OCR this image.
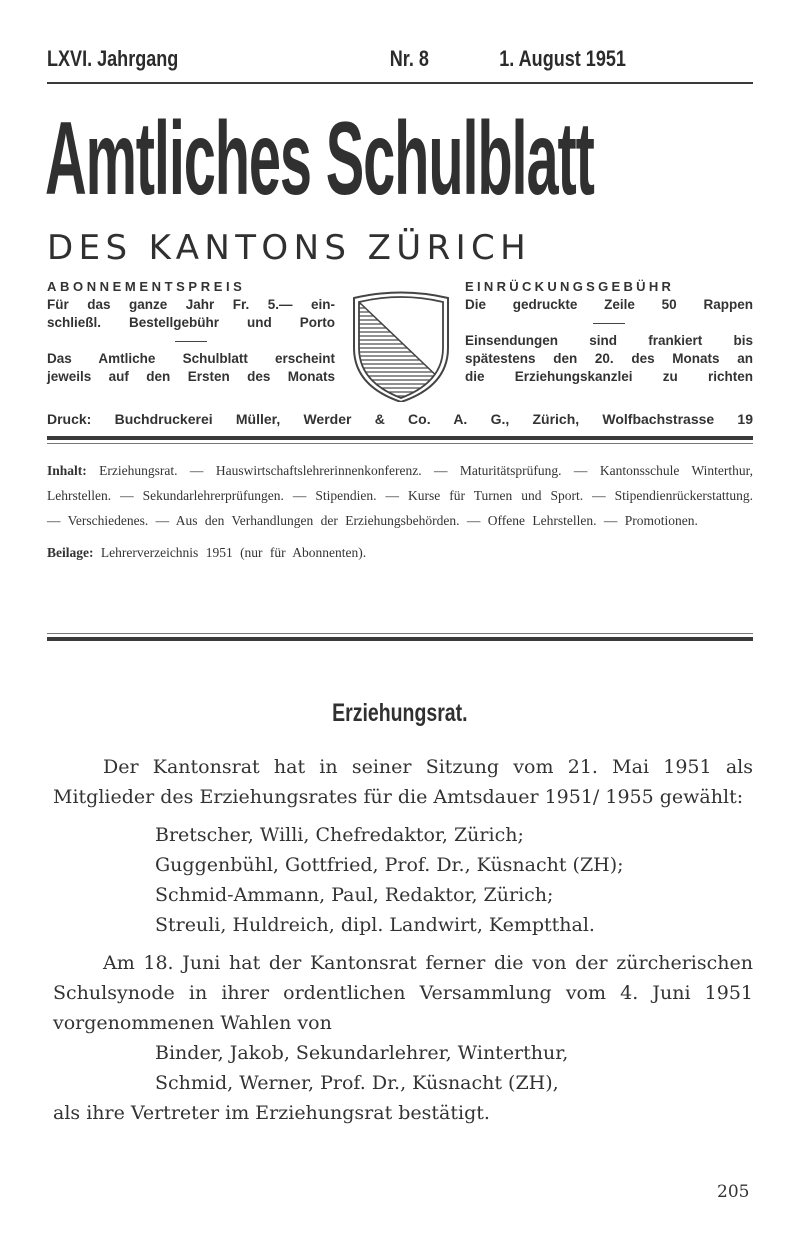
LXVI. Jahrgang	Nr. 8	1. August 1951
Amtliches Schulblatt
DES KANTONS ZÜRICH
ABONNEMENTSPREIS
Für das ganze Jahr Fr. 5.— ein-
schließl. Bestellgebühr und Porto
Das Amtliche Schulblatt erscheint
jeweils auf den Ersten des Monats
EINRÜCKUNGSGEBÜHR
Die gedruckte Zeile 50 Rappen
Einsendungen sind frankiert bis
spätestens den 20. des Monats an
die Erziehungskanzlei zu richten
Druck: Buchdruckerei Müller, Werder & Co. A. G., Zürich, Wolfbachstrasse 19

Inhalt: Erziehungsrat. — Hauswirtschaftslehrerinnenkonferenz. — Maturitätsprüfung. — Kantonsschule Winterthur, Lehrstellen. — Sekundarlehrerprüfungen. — Stipendien. — Kurse für Turnen und Sport. — Stipendienrückerstattung. — Verschiedenes. — Aus den Verhandlungen der Erziehungsbehörden. — Offene Lehrstellen. — Promotionen.

Beilage: Lehrerverzeichnis 1951 (nur für Abonnenten).

Erziehungsrat.

Der Kantonsrat hat in seiner Sitzung vom 21. Mai 1951 als Mitglieder des Erziehungsrates für die Amtsdauer 1951/ 1955 gewählt:

Bretscher, Willi, Chefredaktor, Zürich;
Guggenbühl, Gottfried, Prof. Dr., Küsnacht (ZH);
Schmid-Ammann, Paul, Redaktor, Zürich;
Streuli, Huldreich, dipl. Landwirt, Kemptthal.

Am 18. Juni hat der Kantonsrat ferner die von der zürcherischen Schulsynode in ihrer ordentlichen Versammlung vom 4. Juni 1951 vorgenommenen Wahlen von

Binder, Jakob, Sekundarlehrer, Winterthur,
Schmid, Werner, Prof. Dr., Küsnacht (ZH),

als ihre Vertreter im Erziehungsrat bestätigt.

205
